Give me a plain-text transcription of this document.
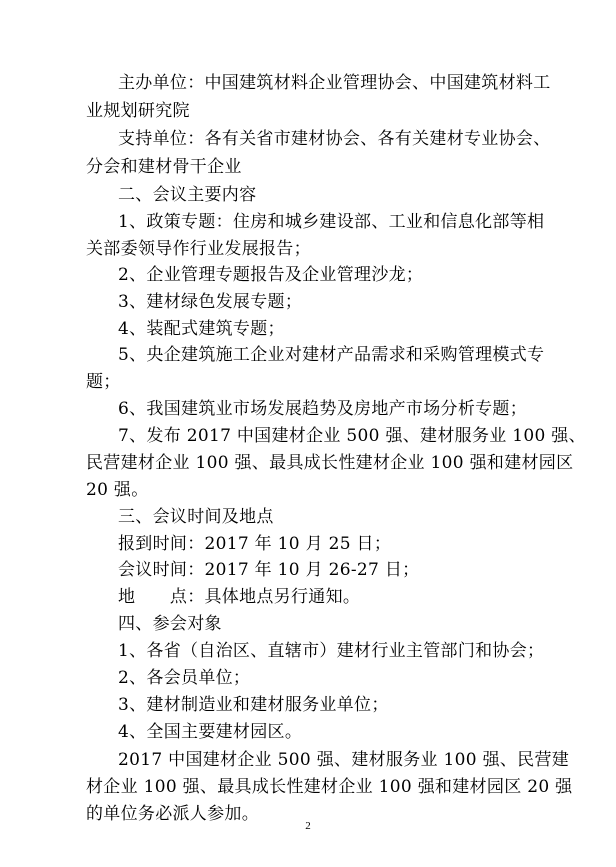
主办单位：中国建筑材料企业管理协会、中国建筑材料工
业规划研究院
支持单位：各有关省市建材协会、各有关建材专业协会、
分会和建材骨干企业
二、会议主要内容
1、政策专题：住房和城乡建设部、工业和信息化部等相
关部委领导作行业发展报告；
2、企业管理专题报告及企业管理沙龙；
3、建材绿色发展专题；
4、装配式建筑专题；
5、央企建筑施工企业对建材产品需求和采购管理模式专
题；
6、我国建筑业市场发展趋势及房地产市场分析专题；
7、发布 2017 中国建材企业 500 强、建材服务业 100 强、
民营建材企业 100 强、最具成长性建材企业 100 强和建材园区
20 强。
三、会议时间及地点
报到时间：2017 年 10 月 25 日；
会议时间：2017 年 10 月 26-27 日；
地　　点：具体地点另行通知。
四、参会对象
1、各省（自治区、直辖市）建材行业主管部门和协会；
2、各会员单位；
3、建材制造业和建材服务业单位；
4、全国主要建材园区。
2017 中国建材企业 500 强、建材服务业 100 强、民营建
材企业 100 强、最具成长性建材企业 100 强和建材园区 20 强
的单位务必派人参加。
2
